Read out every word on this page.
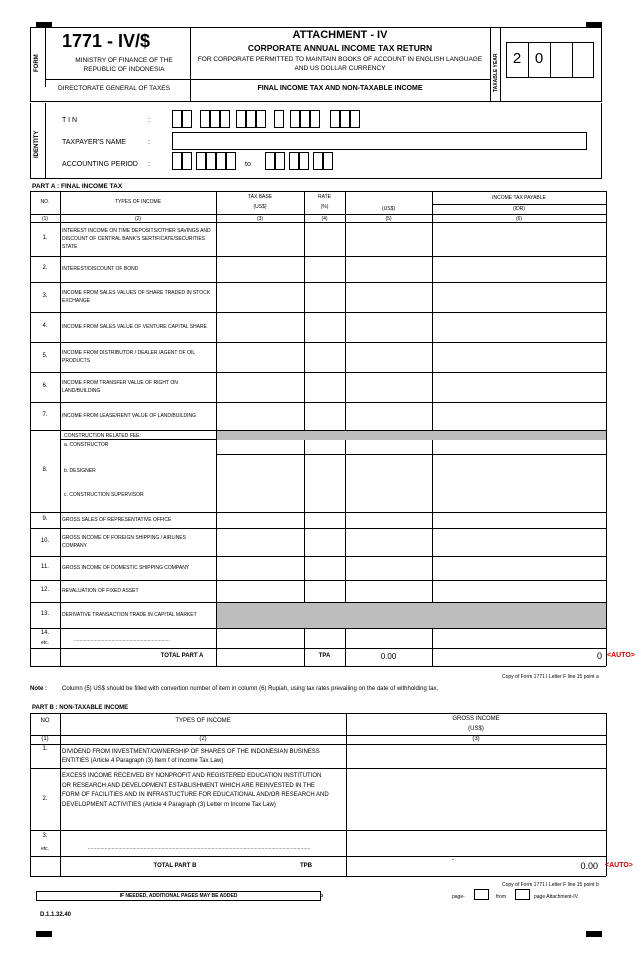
FORM
1771 - IV/$
MINISTRY OF FINANCE OF THE REPUBLIC OF INDONESIA
DIRECTORATE GENERAL OF TAXES
ATTACHMENT - IV
CORPORATE ANNUAL INCOME TAX RETURN
FOR CORPORATE PERMITTED TO MAINTAIN BOOKS OF ACCOUNT IN ENGLISH LANGUAGE AND US DOLLAR CURRENCY
FINAL INCOME TAX AND NON-TAXABLE INCOME	TAXABLE YEAR 2 0
IDENTITY
T I N	:
TAXPAYER'S NAME	:
ACCOUNTING PERIOD :	to
PART A : FINAL INCOME TAX
NO.	TYPES OF INCOME
TAX BASE
(US$)
RATE
(%)
INCOME TAX PAYABLE
(US$)	(IDR)
(1)	(2)	(3)	(4)	(5)	(6)
1.
INTEREST INCOME ON TIME DEPOSITS/OTHER SAVINGS AND DISCOUNT OF CENTRAL BANK'S SERTIFICATE/SECURITIES STATE
2.	INTEREST/DISCOUNT OF BOND
3.	INCOME FROM SALES VALUES OF SHARE TRADED IN STOCK EXCHANGE
4.	INCOME FROM SALES VALUE OF VENTURE CAPITAL SHARE
5.	INCOME FROM DISTRIBUTOR / DEALER /AGENT OF OIL PRODUCTS
6.	INCOME FROM TRANSFER VALUE OF RIGHT ON LAND/BUILDING
7.	INCOME FROM LEASE/RENT VALUE OF LAND/BUILDING
8.
CONSTRUCTION RELATED FEE:
a. CONSTRUCTOR
b. DESIGNER
c. CONSTRUCTION SUPERVISOR
9.	GROSS SALES OF REPRESENTATIVE OFFICE
10.	GROSS INCOME OF FOREIGN SHIPPING / AIRLINES COMPANY
11.	GROSS INCOME OF DOMESTIC SHIPPING COMPANY
12.	REVALUATION OF FIXED ASSET
13.	DERIVATIVE TRANSACTION TRADE IN CAPITAL MARKET
14.
etc.	.....................................................................
TOTAL PART A	TPA	0.00	0 <AUTO>
Copy of Form 1771 I Letter F line 15 point a
Note :	Column (5) US$ should be filled with convertion number of item in column (6) Rupiah, using tax rates prevailing on the date of withholding tax.
PART B : NON-TAXABLE INCOME
NO	TYPES OF INCOME	GROSS INCOME
(US$)
(1)	(2)	(3)
1.	DIVIDEND FROM INVESTMENT/OWNERSHIP OF SHARES OF THE INDONESIAN BUSINESS ENTITIES (Article 4 Paragraph (3) Item f of Income Tax Law)
2.
EXCESS INCOME RECEIVED BY NONPROFIT AND REGISTERED EDUCATION INSTITUTION OR RESEARCH AND DEVELOPMENT ESTABLISHMENT WHICH ARE REINVESTED IN THE FORM OF FACILITIES AND IN INFRASTUCTURE FOR EDUCATIONAL AND/OR RESEARCH AND DEVELOPMENT ACTIVITIES (Article 4 Paragraph (3) Letter m Income Tax Law)
3.
etc.	................................................................................................................................................................
TOTAL PART B	TPB
-
0.00 <AUTO>
Copy of Form 1771 I Letter F line 15 point b
IF NEEDED, ADDITIONAL PAGES MAY BE ADDED	b	page-	from	page Attachment-IV
D.1.1.32.40
